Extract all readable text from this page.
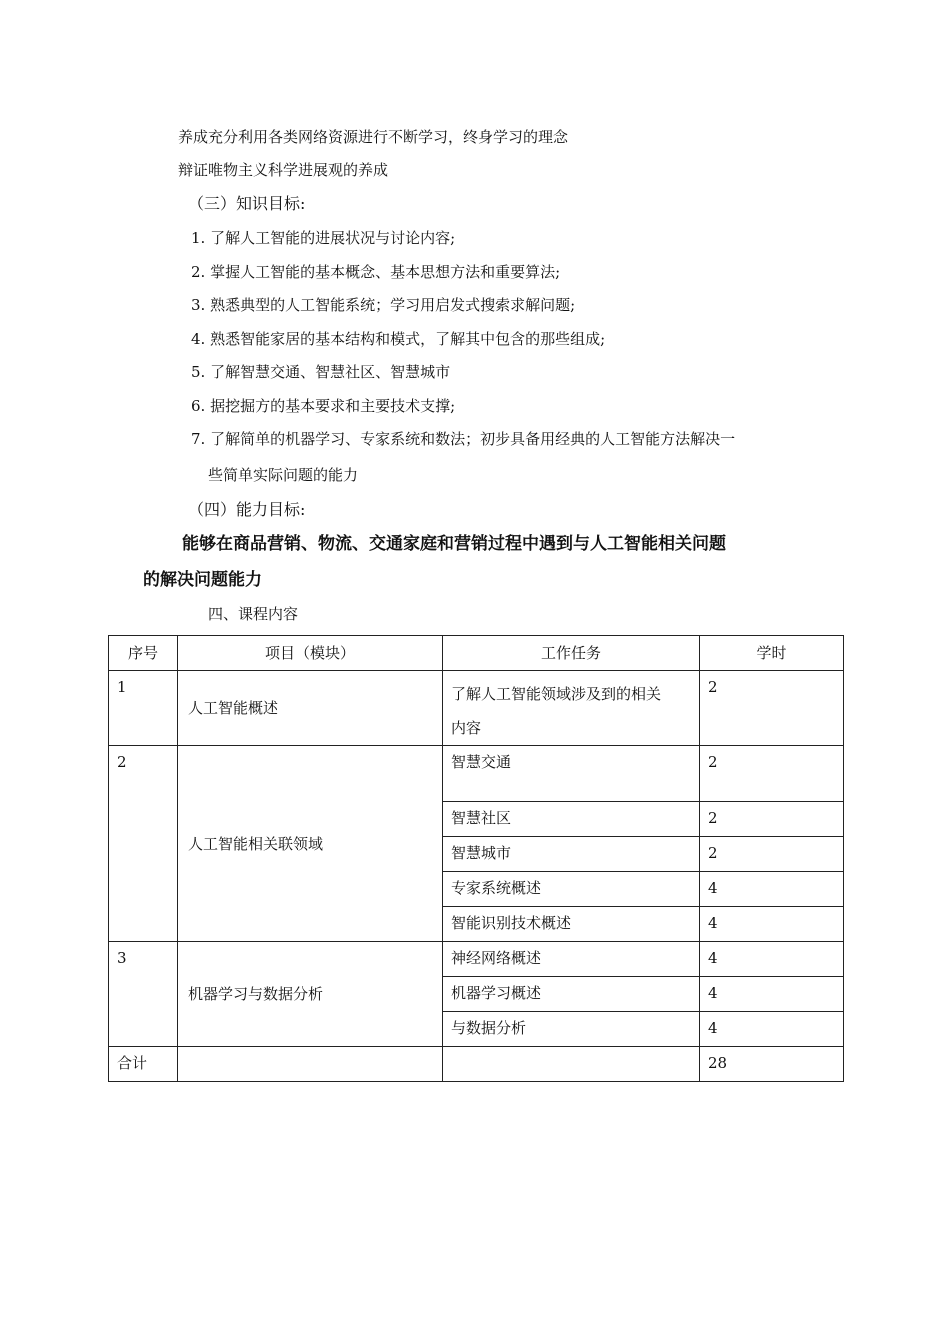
养成充分利用各类网络资源进行不断学习，终身学习的理念
辩证唯物主义科学进展观的养成
（三）知识目标:
1. 了解人工智能的进展状况与讨论内容;
2. 掌握人工智能的基本概念、基本思想方法和重要算法;
3. 熟悉典型的人工智能系统；学习用启发式搜索求解问题;
4. 熟悉智能家居的基本结构和模式，了解其中包含的那些组成;
5. 了解智慧交通、智慧社区、智慧城市
6. 据挖掘方的基本要求和主要技术支撑;
7. 了解简单的机器学习、专家系统和数法；初步具备用经典的人工智能方法解决一
些简单实际问题的能力
（四）能力目标:
能够在商品营销、物流、交通家庭和营销过程中遇到与人工智能相关问题
的解决问题能力
四、课程内容
序号	项目（模块）	工作任务	学时
1	人工智能概述	了解人工智能领域涉及到的相关
内容	2
2	人工智能相关联领域	智慧交通	2
		智慧社区	2
		智慧城市	2
		专家系统概述	4
		智能识别技术概述	4
3	机器学习与数据分析	神经网络概述	4
		机器学习概述	4
		与数据分析	4
合计			28
